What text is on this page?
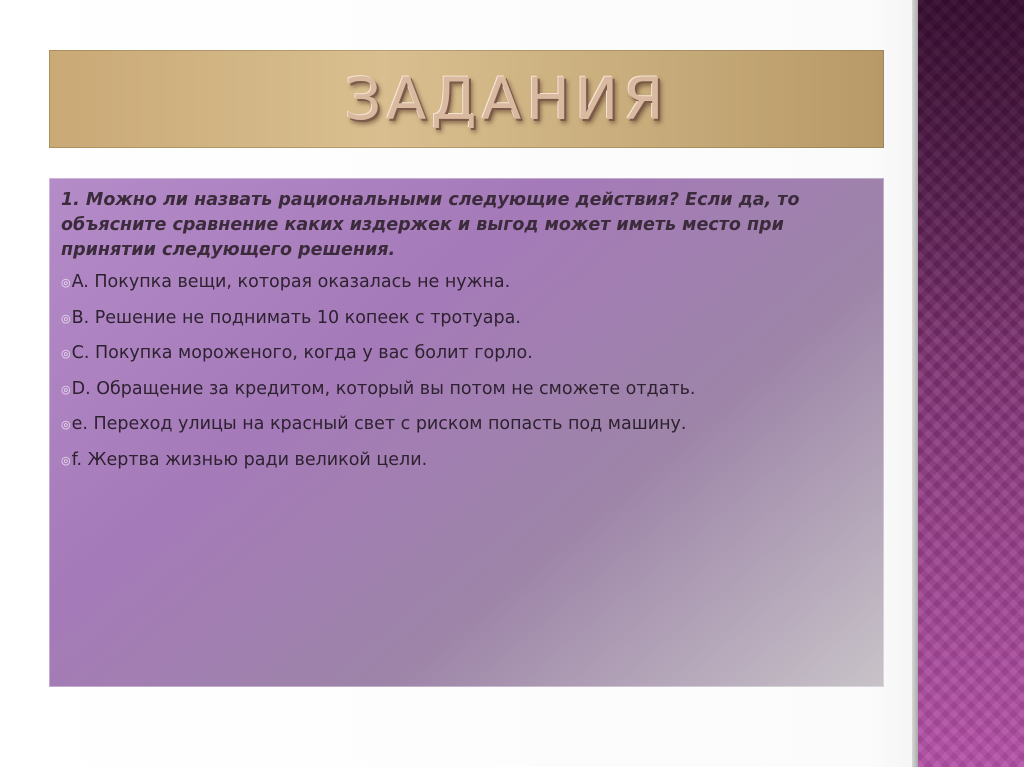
ЗАДАНИЯ

1. Можно ли назвать рациональными следующие действия? Если да, то объясните сравнение каких издержек и выгод может иметь место при принятии следующего решения.

◎ A. Покупка вещи, которая оказалась не нужна.
◎ B. Решение не поднимать 10 копеек с тротуара.
◎ C. Покупка мороженого, когда у вас болит горло.
◎ D. Обращение за кредитом, который вы потом не сможете отдать.
◎ e. Переход улицы на красный свет с риском попасть под машину.
◎ f. Жертва жизнью ради великой цели.
